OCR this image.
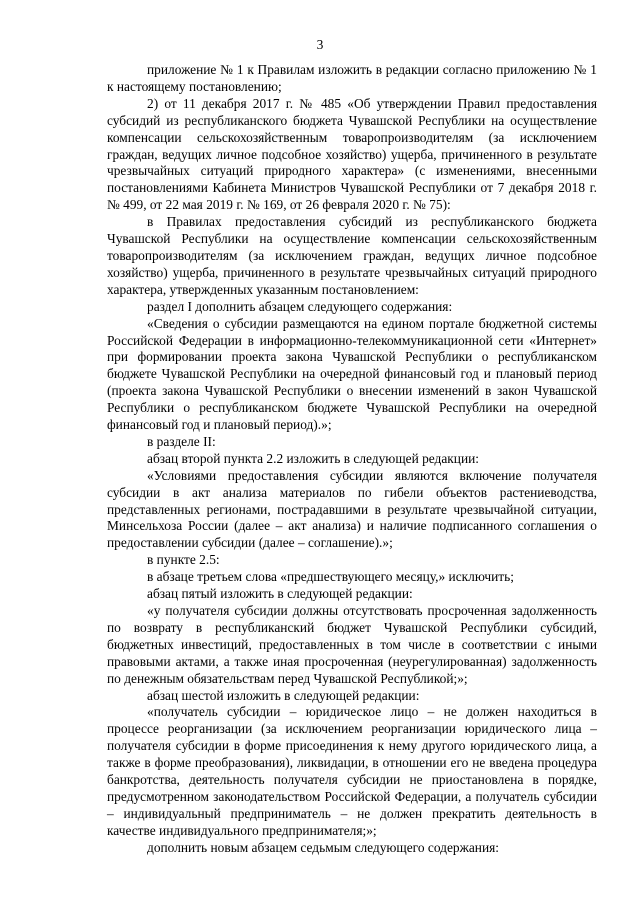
3

приложение № 1 к Правилам изложить в редакции согласно приложению № 1 к настоящему постановлению;

2) от 11 декабря 2017 г. № 485 «Об утверждении Правил предоставления субсидий из республиканского бюджета Чувашской Республики на осуществление компенсации сельскохозяйственным товаропроизводителям (за исключением граждан, ведущих личное подсобное хозяйство) ущерба, причиненного в результате чрезвычайных ситуаций природного характера» (с изменениями, внесенными постановлениями Кабинета Министров Чувашской Республики от 7 декабря 2018 г. № 499, от 22 мая 2019 г. № 169, от 26 февраля 2020 г. № 75):

в Правилах предоставления субсидий из республиканского бюджета Чувашской Республики на осуществление компенсации сельскохозяйственным товаропроизводителям (за исключением граждан, ведущих личное подсобное хозяйство) ущерба, причиненного в результате чрезвычайных ситуаций природного характера, утвержденных указанным постановлением:

раздел I дополнить абзацем следующего содержания:

«Сведения о субсидии размещаются на едином портале бюджетной системы Российской Федерации в информационно-телекоммуникационной сети «Интернет» при формировании проекта закона Чувашской Республики о республиканском бюджете Чувашской Республики на очередной финансовый год и плановый период (проекта закона Чувашской Республики о внесении изменений в закон Чувашской Республики о республиканском бюджете Чувашской Республики на очередной финансовый год и плановый период).»;

в разделе II:

абзац второй пункта 2.2 изложить в следующей редакции:

«Условиями предоставления субсидии являются включение получателя субсидии в акт анализа материалов по гибели объектов растениеводства, представленных регионами, пострадавшими в результате чрезвычайной ситуации, Минсельхоза России (далее – акт анализа) и наличие подписанного соглашения о предоставлении субсидии (далее – соглашение).»;

в пункте 2.5:

в абзаце третьем слова «предшествующего месяцу,» исключить;

абзац пятый изложить в следующей редакции:

«у получателя субсидии должны отсутствовать просроченная задолженность по возврату в республиканский бюджет Чувашской Республики субсидий, бюджетных инвестиций, предоставленных в том числе в соответствии с иными правовыми актами, а также иная просроченная (неурегулированная) задолженность по денежным обязательствам перед Чувашской Республикой;»;

абзац шестой изложить в следующей редакции:

«получатель субсидии – юридическое лицо – не должен находиться в процессе реорганизации (за исключением реорганизации юридического лица – получателя субсидии в форме присоединения к нему другого юридического лица, а также в форме преобразования), ликвидации, в отношении его не введена процедура банкротства, деятельность получателя субсидии не приостановлена в порядке, предусмотренном законодательством Российской Федерации, а получатель субсидии – индивидуальный предприниматель – не должен прекратить деятельность в качестве индивидуального предпринимателя;»;

дополнить новым абзацем седьмым следующего содержания:
